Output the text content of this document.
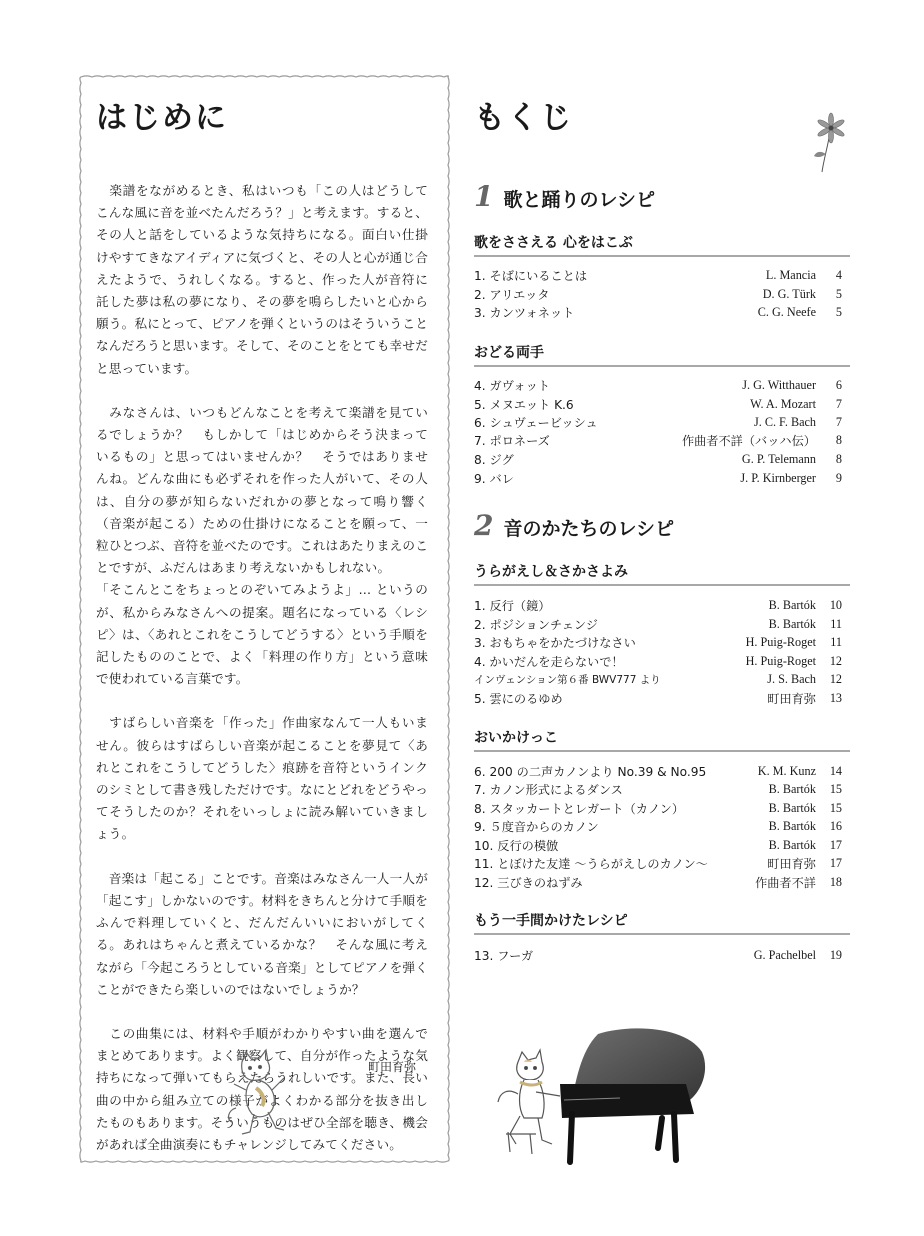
はじめに

　楽譜をながめるとき、私はいつも「この人はどうしてこんな風に音を並べたんだろう？」と考えます。すると、その人と話をしているような気持ちになる。面白い仕掛けやすてきなアイディアに気づくと、その人と心が通じ合えたようで、うれしくなる。すると、作った人が音符に託した夢は私の夢になり、その夢を鳴らしたいと心から願う。私にとって、ピアノを弾くというのはそういうことなんだろうと思います。そして、そのことをとても幸せだと思っています。

　みなさんは、いつもどんなことを考えて楽譜を見ているでしょうか？　もしかして「はじめからそう決まっているもの」と思ってはいませんか？　そうではありませんね。どんな曲にも必ずそれを作った人がいて、その人は、自分の夢が知らないだれかの夢となって鳴り響く（音楽が起こる）ための仕掛けになることを願って、一粒ひとつぶ、音符を並べたのです。これはあたりまえのことですが、ふだんはあまり考えないかもしれない。

「そこんとこをちょっとのぞいてみようよ」… というのが、私からみなさんへの提案。題名になっている〈レシピ〉は、〈あれとこれをこうしてどうする〉という手順を記したもののことで、よく「料理の作り方」という意味で使われている言葉です。

　すばらしい音楽を「作った」作曲家なんて一人もいません。彼らはすばらしい音楽が起こることを夢見て〈あれとこれをこうしてどうした〉痕跡を音符というインクのシミとして書き残しただけです。なにとどれをどうやってそうしたのか？それをいっしょに読み解いていきましょう。

　音楽は「起こる」ことです。音楽はみなさん一人一人が「起こす」しかないのです。材料をきちんと分けて手順をふんで料理していくと、だんだんいいにおいがしてくる。あれはちゃんと煮えているかな？　そんな風に考えながら「今起ころうとしている音楽」としてピアノを弾くことができたら楽しいのではないでしょうか？

　この曲集には、材料や手順がわかりやすい曲を選んでまとめてあります。よく観察して、自分が作ったような気持ちになって弾いてもらえたらうれしいです。また、長い曲の中から組み立ての様子がよくわかる部分を抜き出したものもあります。そういうものはぜひ全部を聴き、機会があれば全曲演奏にもチャレンジしてみてください。

町田育弥
もくじ
1 歌と踊りのレシピ
歌をささえる 心をはこぶ
1. そばにいることは	L. Mancia	4
2. アリエッタ	D. G. Türk	5
3. カンツォネット	C. G. Neefe	5
おどる両手
4. ガヴォット	J. G. Witthauer	6
5. メヌエット K.6	W. A. Mozart	7
6. シュヴェービッシュ	J. C. F. Bach	7
7. ポロネーズ	作曲者不詳（バッハ伝）	8
8. ジグ	G. P. Telemann	8
9. バレ	J. P. Kirnberger	9
2 音のかたちのレシピ
うらがえし＆さかさよみ
1. 反行（鏡）	B. Bartók	10
2. ポジションチェンジ	B. Bartók	11
3. おもちゃをかたづけなさい	H. Puig-Roget	11
4. かいだんを走らないで！	H. Puig-Roget	12
インヴェンション第６番 BWV777 より	J. S. Bach	12
5. 雲にのるゆめ	町田育弥	13
おいかけっこ
6. 200 の二声カノンより No.39 & No.95	K. M. Kunz	14
7. カノン形式によるダンス	B. Bartók	15
8. スタッカートとレガート（カノン）	B. Bartók	15
9. ５度音からのカノン	B. Bartók	16
10. 反行の模倣	B. Bartók	17
11. とぼけた友達 ～うらがえしのカノン～	町田育弥	17
12. 三びきのねずみ	作曲者不詳	18
もう一手間かけたレシピ
13. フーガ	G. Pachelbel	19
